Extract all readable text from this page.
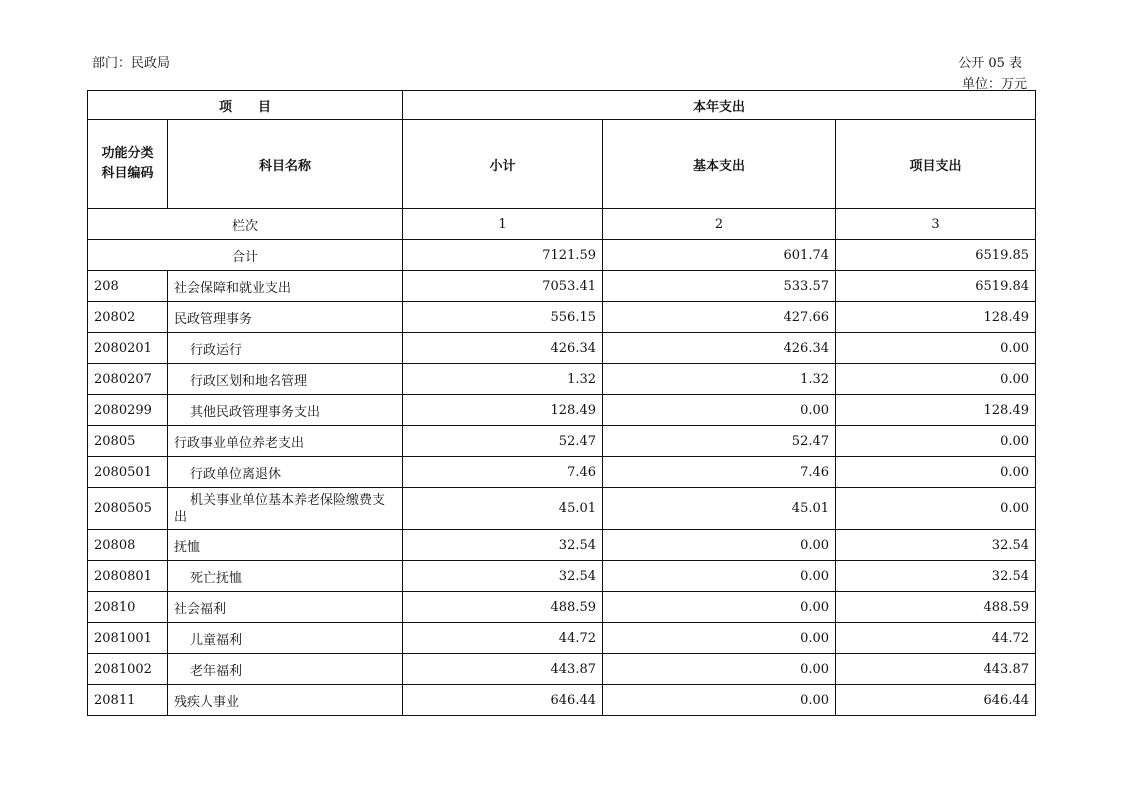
部门：民政局	公开 05 表
单位：万元
项　　目		本年支出		
功能分类
科目编码	科目名称	小计	基本支出	项目支出
栏次		1	2	3
合计		7121.59	601.74	6519.85
208	社会保障和就业支出	7053.41	533.57	6519.84
20802	民政管理事务	556.15	427.66	128.49
2080201	行政运行	426.34	426.34	0.00
2080207	行政区划和地名管理	1.32	1.32	0.00
2080299	其他民政管理事务支出	128.49	0.00	128.49
20805	行政事业单位养老支出	52.47	52.47	0.00
2080501	行政单位离退休	7.46	7.46	0.00
2080505	机关事业单位基本养老保险缴费支出	45.01	45.01	0.00
20808	抚恤	32.54	0.00	32.54
2080801	死亡抚恤	32.54	0.00	32.54
20810	社会福利	488.59	0.00	488.59
2081001	儿童福利	44.72	0.00	44.72
2081002	老年福利	443.87	0.00	443.87
20811	残疾人事业	646.44	0.00	646.44
